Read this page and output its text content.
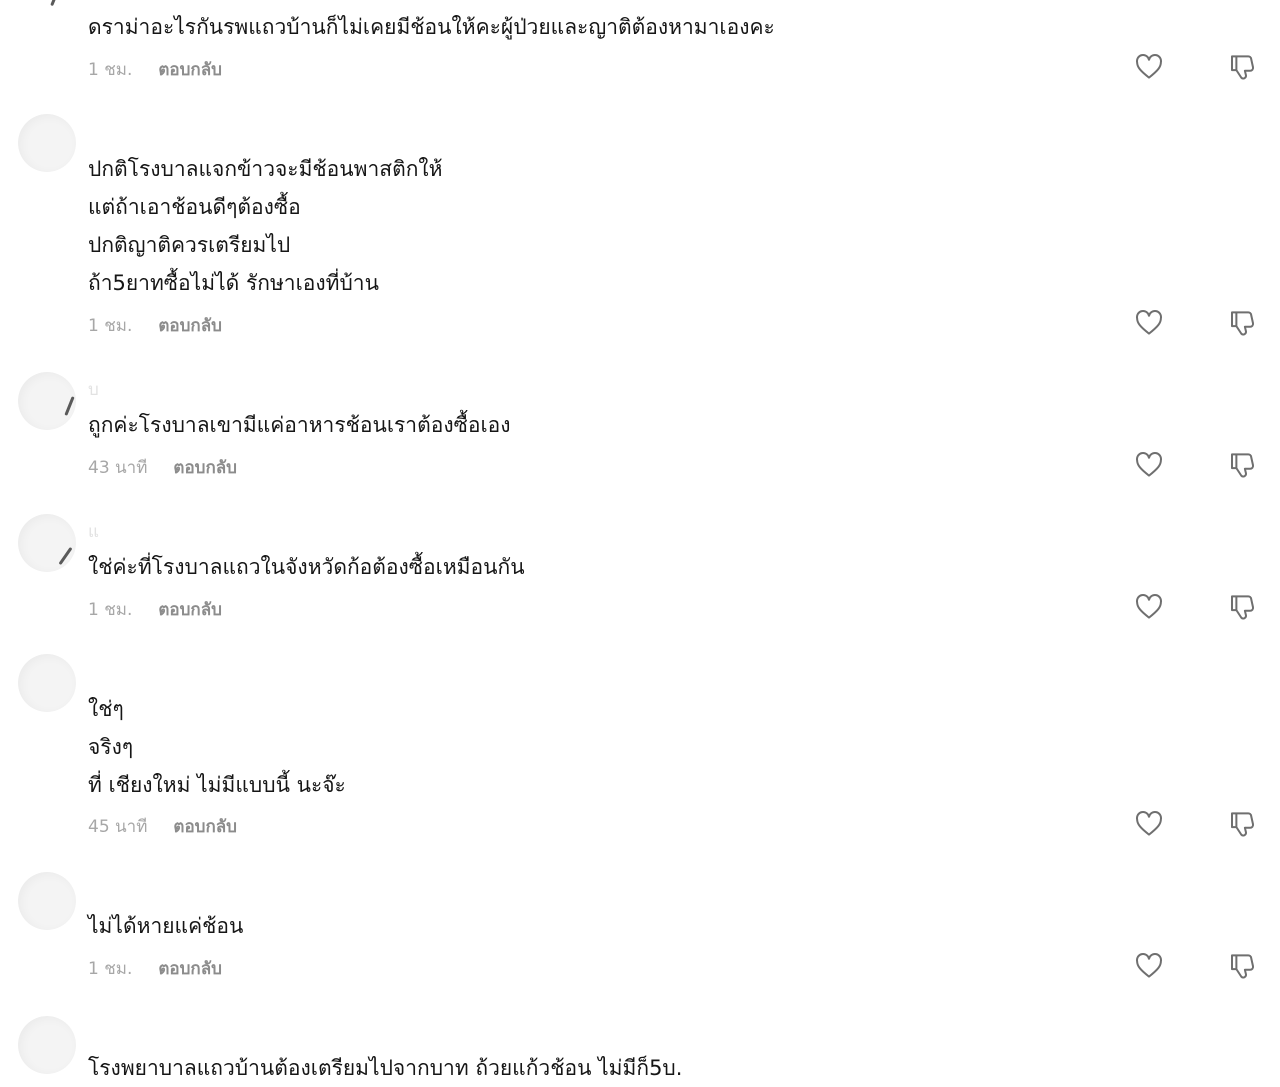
ดราม่าอะไรกันรพแถวบ้านก็ไม่เคยมีช้อนให้คะผู้ป่วยและญาติต้องหามาเองคะ
1 ชม. ตอบกลับ
ปกติโรงบาลแจกข้าวจะมีช้อนพาสติกให้
แต่ถ้าเอาช้อนดีๆต้องซื้อ
ปกติญาติควรเตรียมไป
ถ้า5ยาทซื้อไม่ได้ รักษาเองที่บ้าน
1 ชม. ตอบกลับ
บ
ถูกค่ะโรงบาลเขามีแค่อาหารช้อนเราต้องซื้อเอง
43 นาที ตอบกลับ
แ
ใช่ค่ะที่โรงบาลแถวในจังหวัดก้อต้องซื้อเหมือนกัน
1 ชม. ตอบกลับ
ใช่ๆ
จริงๆ
ที่ เชียงใหม่ ไม่มีแบบนี้ นะจ๊ะ
45 นาที ตอบกลับ
ไม่ได้หายแค่ช้อน
1 ชม. ตอบกลับ
โรงพยาบาลแถวบ้านต้องเตรียมไปจากบาท ถ้วยแก้วช้อน ไม่มีก็5บ.
